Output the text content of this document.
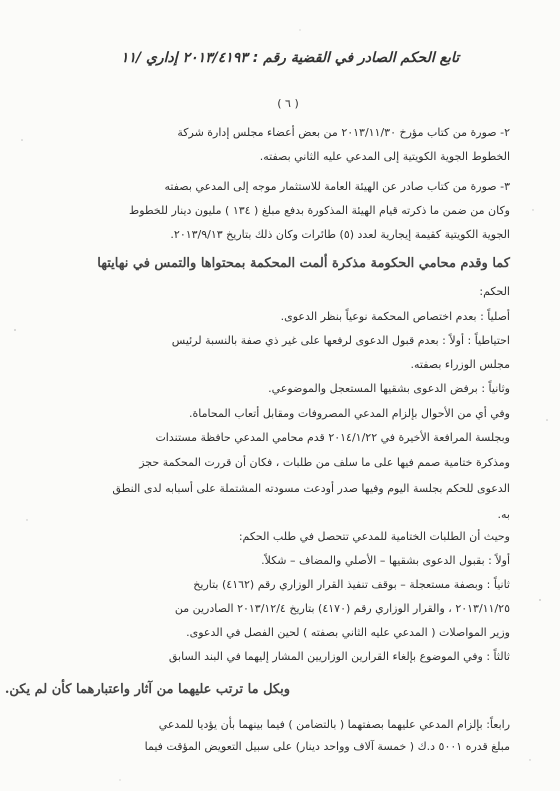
تابع الحكم الصادر في القضية رقم : ٢٠١٣/٤١٩٣ إداري /١١
( ٦ )
٢- صورة من كتاب مؤرخ ٢٠١٣/١١/٣٠ من بعض أعضاء مجلس إدارة شركة
الخطوط الجوية الكويتية إلى المدعي عليه الثاني بصفته.
٣- صورة من كتاب صادر عن الهيئة العامة للاستثمار موجه إلى المدعي بصفته
وكان من ضمن ما ذكرته قيام الهيئة المذكورة بدفع مبلغ ( ١٣٤ ) مليون دينار للخطوط
الجوية الكويتية كقيمة إيجارية لعدد (٥) طائرات وكان ذلك بتاريخ ٢٠١٣/٩/١٣.
كما وقدم محامي الحكومة مذكرة ألمت المحكمة بمحتواها والتمس في نهايتها
الحكم:
أصلياً : بعدم اختصاص المحكمة نوعياً بنظر الدعوى.
احتياطياً : أولاً : بعدم قبول الدعوى لرفعها على غير ذي صفة بالنسبة لرئيس
مجلس الوزراء بصفته.
وثانياً : برفض الدعوى بشقيها المستعجل والموضوعي.
وفي أي من الأحوال بإلزام المدعي المصروفات ومقابل أتعاب المحاماة.
وبجلسة المرافعة الأخيرة في ٢٠١٤/١/٢٢ قدم محامي المدعي حافظة مستندات
ومذكرة ختامية صمم فيها على ما سلف من طلبات ، فكان أن قررت المحكمة حجز
الدعوى للحكم بجلسة اليوم وفيها صدر أودعت مسودته المشتملة على أسبابه لدى النطق
به.
وحيث أن الطلبات الختامية للمدعي تتحصل في طلب الحكم:
أولاً : بقبول الدعوى بشقيها – الأصلي والمضاف – شكلاً.
ثانياً : وبصفة مستعجلة – بوقف تنفيذ القرار الوزاري رقم (٤١٦٢) بتاريخ
٢٠١٣/١١/٢٥ ، والقرار الوزاري رقم (٤١٧٠) بتاريخ ٢٠١٣/١٢/٤ الصادرين من
وزير المواصلات ( المدعي عليه الثاني بصفته ) لحين الفصل في الدعوى.
ثالثاً : وفي الموضوع بإلغاء القرارين الوزاريين المشار إليهما في البند السابق
وبكل ما ترتب عليهما من آثار واعتبارهما كأن لم يكن.
رابعاً: بإلزام المدعي عليهما بصفتهما ( بالتضامن ) فيما بينهما بأن يؤديا للمدعي
مبلغ قدره ٥٠٠١ د.ك ( خمسة آلاف وواحد دينار) على سبيل التعويض المؤقت فيما
